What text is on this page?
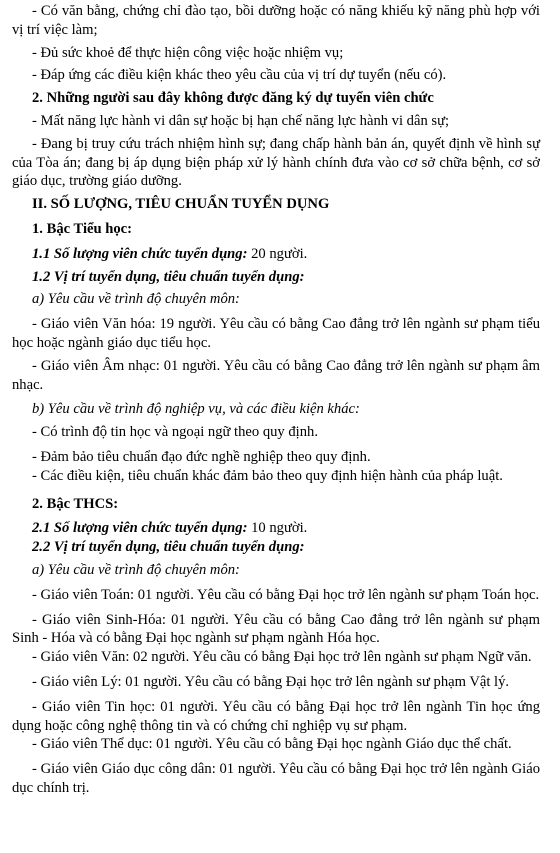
- Có văn bằng, chứng chỉ đào tạo, bồi dưỡng hoặc có năng khiếu kỹ năng phù hợp với vị trí việc làm;

- Đủ sức khoẻ để thực hiện công việc hoặc nhiệm vụ;

- Đáp ứng các điều kiện khác theo yêu cầu của vị trí dự tuyển (nếu có).

2. Những người sau đây không được đăng ký dự tuyển viên chức

- Mất năng lực hành vi dân sự hoặc bị hạn chế năng lực hành vi dân sự;

- Đang bị truy cứu trách nhiệm hình sự; đang chấp hành bản án, quyết định về hình sự của Tòa án; đang bị áp dụng biện pháp xử lý hành chính đưa vào cơ sở chữa bệnh, cơ sở giáo dục, trường giáo dưỡng.

II. SỐ LƯỢNG, TIÊU CHUẨN TUYỂN DỤNG

1. Bậc Tiểu học:

1.1 Số lượng viên chức tuyển dụng: 20 người.

1.2 Vị trí tuyển dụng, tiêu chuẩn tuyển dụng:

a) Yêu cầu về trình độ chuyên môn:

- Giáo viên Văn hóa: 19 người. Yêu cầu có bằng Cao đẳng trở lên ngành sư phạm tiểu học hoặc ngành giáo dục tiểu học.

- Giáo viên Âm nhạc: 01 người. Yêu cầu có bằng Cao đẳng trở lên ngành sư phạm âm nhạc.

b) Yêu cầu về trình độ nghiệp vụ, và các điều kiện khác:

- Có trình độ tin học và ngoại ngữ theo quy định.

- Đảm bảo tiêu chuẩn đạo đức nghề nghiệp theo quy định.

- Các điều kiện, tiêu chuẩn khác đảm bảo theo quy định hiện hành của pháp luật.

2. Bậc THCS:

2.1 Số lượng viên chức tuyển dụng: 10 người.

2.2 Vị trí tuyển dụng, tiêu chuẩn tuyển dụng:

a) Yêu cầu về trình độ chuyên môn:

- Giáo viên Toán: 01 người. Yêu cầu có bằng Đại học trở lên ngành sư phạm Toán học.

- Giáo viên Sinh-Hóa: 01 người. Yêu cầu có bằng Cao đẳng trở lên ngành sư phạm Sinh - Hóa và có bằng Đại học ngành sư phạm ngành Hóa học.

- Giáo viên Văn: 02 người. Yêu cầu có bằng Đại học trở lên ngành sư phạm Ngữ văn.

- Giáo viên Lý: 01 người. Yêu cầu có bằng Đại học trở lên ngành sư phạm Vật lý.

- Giáo viên Tin học: 01 người. Yêu cầu có bằng Đại học trở lên ngành Tin học ứng dụng hoặc công nghệ thông tin và có chứng chỉ nghiệp vụ sư phạm.

- Giáo viên Thể dục: 01 người. Yêu cầu có bằng Đại học ngành Giáo dục thể chất.

- Giáo viên Giáo dục công dân: 01 người. Yêu cầu có bằng Đại học trở lên ngành Giáo dục chính trị.
